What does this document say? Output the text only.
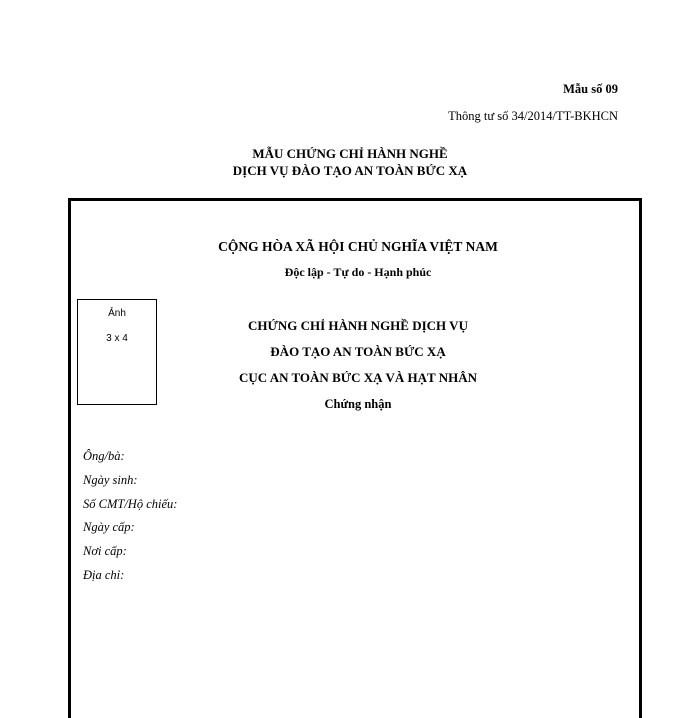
Mẫu số 09
Thông tư số 34/2014/TT-BKHCN
MẪU CHỨNG CHỈ HÀNH NGHỀ
DỊCH VỤ ĐÀO TẠO AN TOÀN BỨC XẠ
CỘNG HÒA XÃ HỘI CHỦ NGHĨA VIỆT NAM
Độc lập - Tự do - Hạnh phúc
Ảnh
3 x 4
CHỨNG CHỈ HÀNH NGHỀ DỊCH VỤ
ĐÀO TẠO AN TOÀN BỨC XẠ
CỤC AN TOÀN BỨC XẠ VÀ HẠT NHÂN
Chứng nhận
Ông/bà:
Ngày sinh:
Số CMT/Hộ chiếu:
Ngày cấp:
Nơi cấp:
Địa chỉ:
